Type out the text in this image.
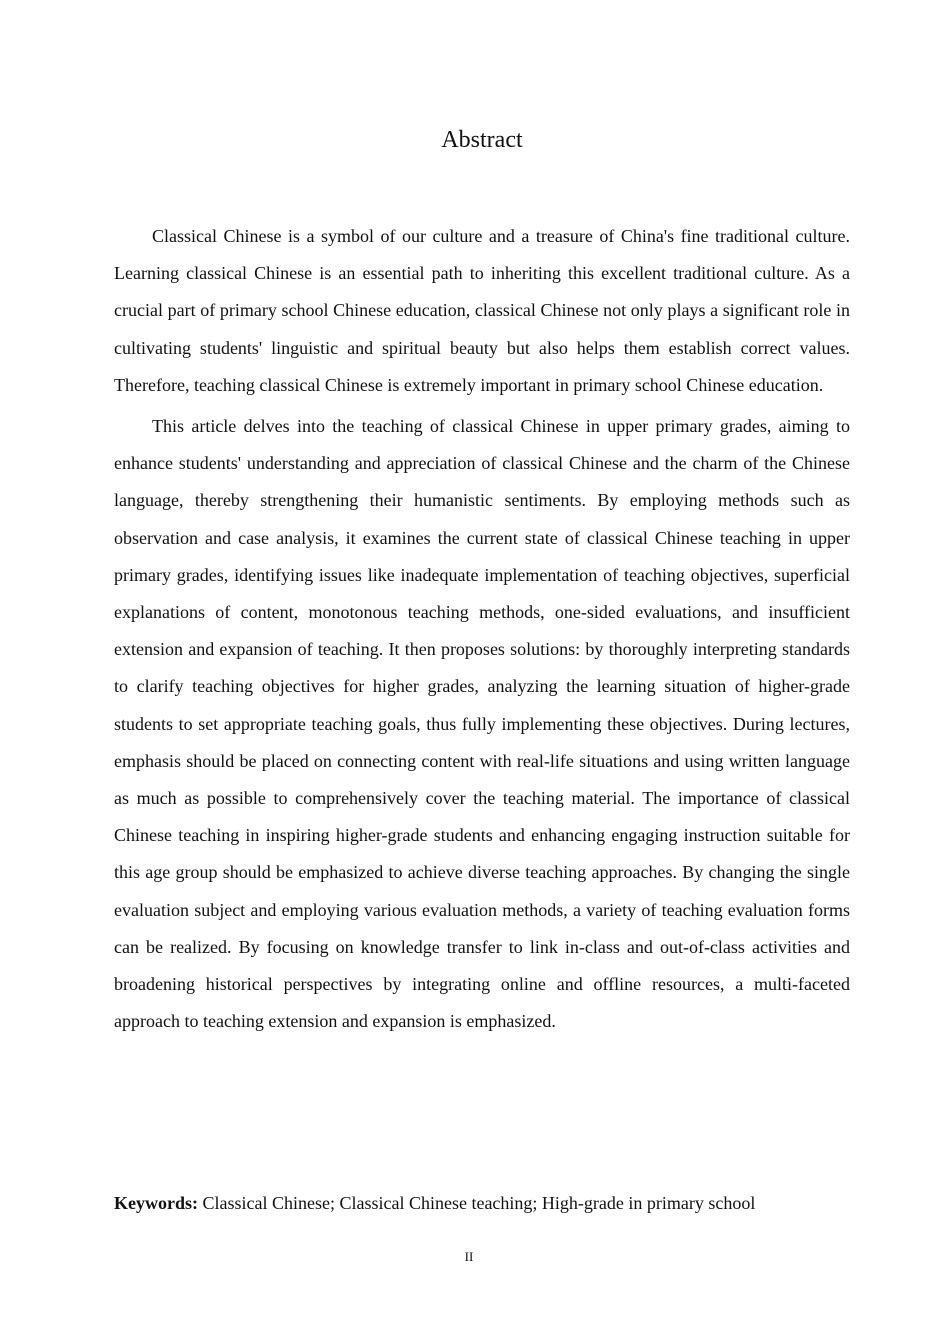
Abstract

Classical Chinese is a symbol of our culture and a treasure of China's fine traditional culture. Learning classical Chinese is an essential path to inheriting this excellent traditional culture. As a crucial part of primary school Chinese education, classical Chinese not only plays a significant role in cultivating students' linguistic and spiritual beauty but also helps them establish correct values. Therefore, teaching classical Chinese is extremely important in primary school Chinese education.

This article delves into the teaching of classical Chinese in upper primary grades, aiming to enhance students' understanding and appreciation of classical Chinese and the charm of the Chinese language, thereby strengthening their humanistic sentiments. By employing methods such as observation and case analysis, it examines the current state of classical Chinese teaching in upper primary grades, identifying issues like inadequate implementation of teaching objectives, superficial explanations of content, monotonous teaching methods, one-sided evaluations, and insufficient extension and expansion of teaching. It then proposes solutions: by thoroughly interpreting standards to clarify teaching objectives for higher grades, analyzing the learning situation of higher-grade students to set appropriate teaching goals, thus fully implementing these objectives. During lectures, emphasis should be placed on connecting content with real-life situations and using written language as much as possible to comprehensively cover the teaching material. The importance of classical Chinese teaching in inspiring higher-grade students and enhancing engaging instruction suitable for this age group should be emphasized to achieve diverse teaching approaches. By changing the single evaluation subject and employing various evaluation methods, a variety of teaching evaluation forms can be realized. By focusing on knowledge transfer to link in-class and out-of-class activities and broadening historical perspectives by integrating online and offline resources, a multi-faceted approach to teaching extension and expansion is emphasized.

Keywords: Classical Chinese; Classical Chinese teaching; High-grade in primary school
II
